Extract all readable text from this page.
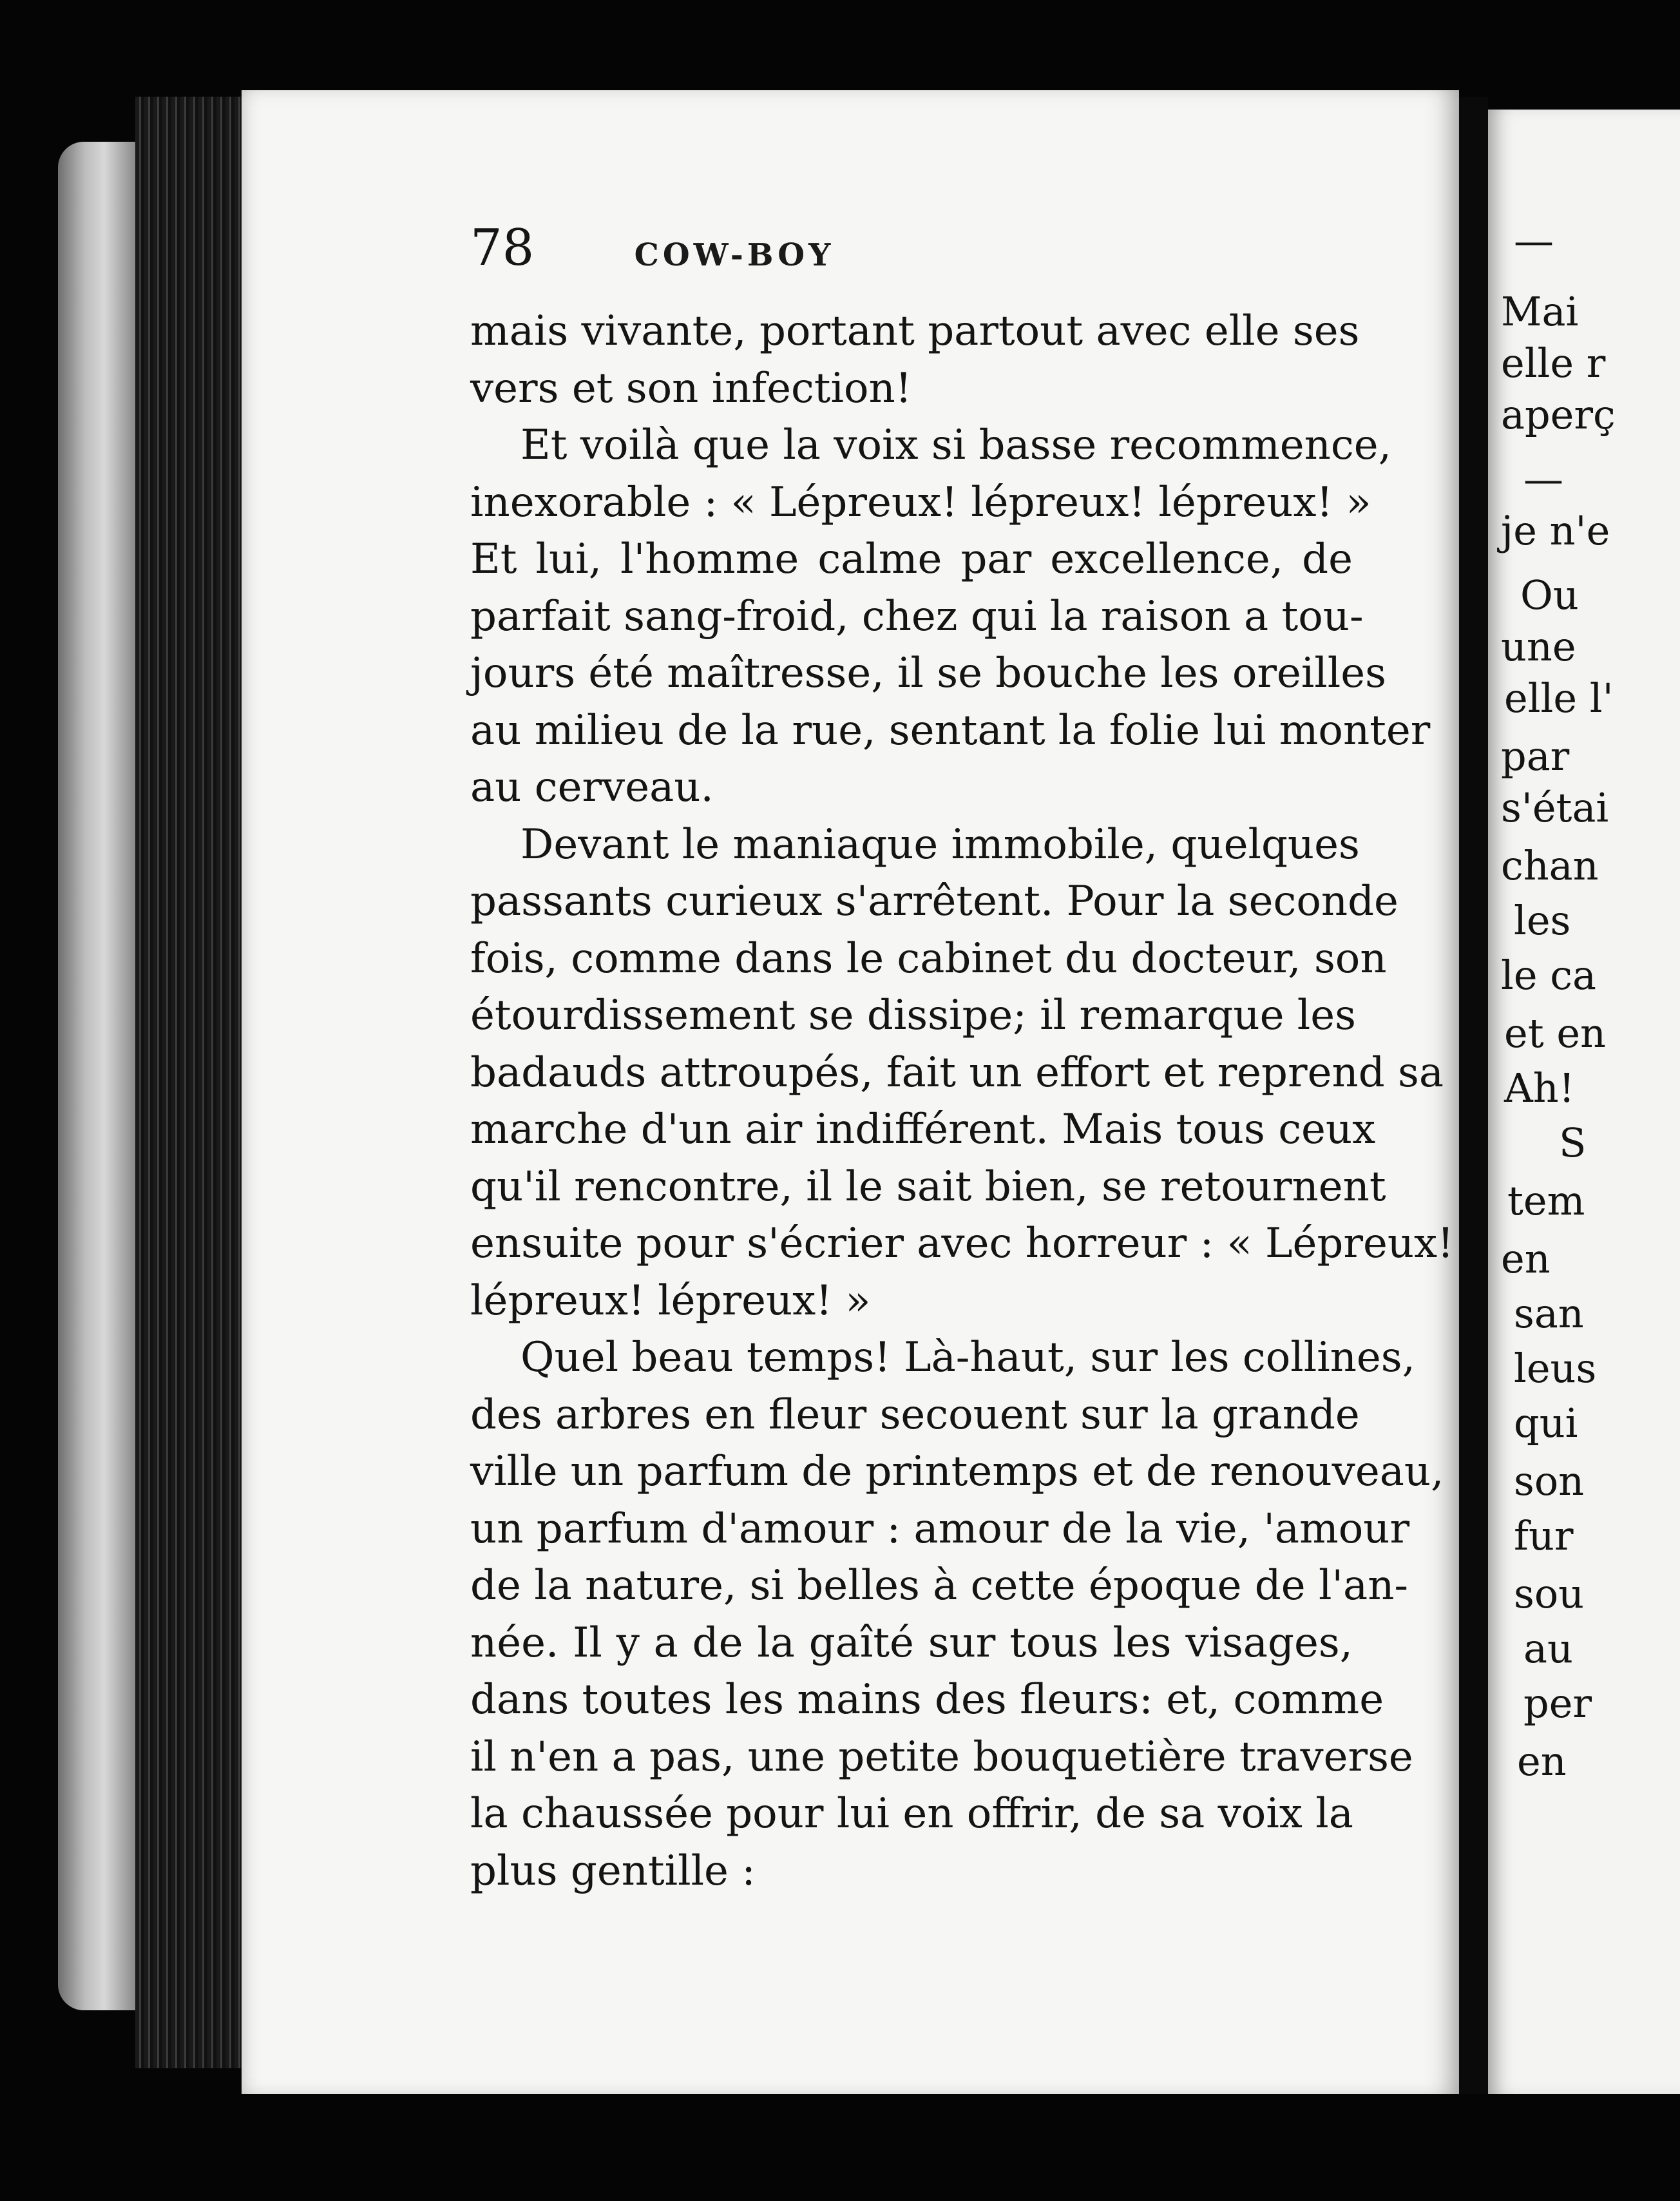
—
Mai
elle r
aperç
—
je n'e
Ou
une
elle l'
par
s'étai
chan
les
le ca
et en
Ah!
S
tem
en
san
leus
qui
son
fur
sou
au
per
en
78	COW-BOY
mais vivante, portant partout avec elle ses
vers et son infection!
Et voilà que la voix si basse recommence,
inexorable : « Lépreux! lépreux! lépreux! »
Et lui, l'homme calme par excellence, de
parfait sang-froid, chez qui la raison a tou-
jours été maîtresse, il se bouche les oreilles
au milieu de la rue, sentant la folie lui monter
au cerveau.
Devant le maniaque immobile, quelques
passants curieux s'arrêtent. Pour la seconde
fois, comme dans le cabinet du docteur, son
étourdissement se dissipe; il remarque les
badauds attroupés, fait un effort et reprend sa
marche d'un air indifférent. Mais tous ceux
qu'il rencontre, il le sait bien, se retournent
ensuite pour s'écrier avec horreur : « Lépreux!
lépreux! lépreux! »
Quel beau temps! Là-haut, sur les collines,
des arbres en fleur secouent sur la grande
ville un parfum de printemps et de renouveau,
un parfum d'amour : amour de la vie, 'amour
de la nature, si belles à cette époque de l'an-
née. Il y a de la gaîté sur tous les visages,
dans toutes les mains des fleurs: et, comme
il n'en a pas, une petite bouquetière traverse
la chaussée pour lui en offrir, de sa voix la
plus gentille :
